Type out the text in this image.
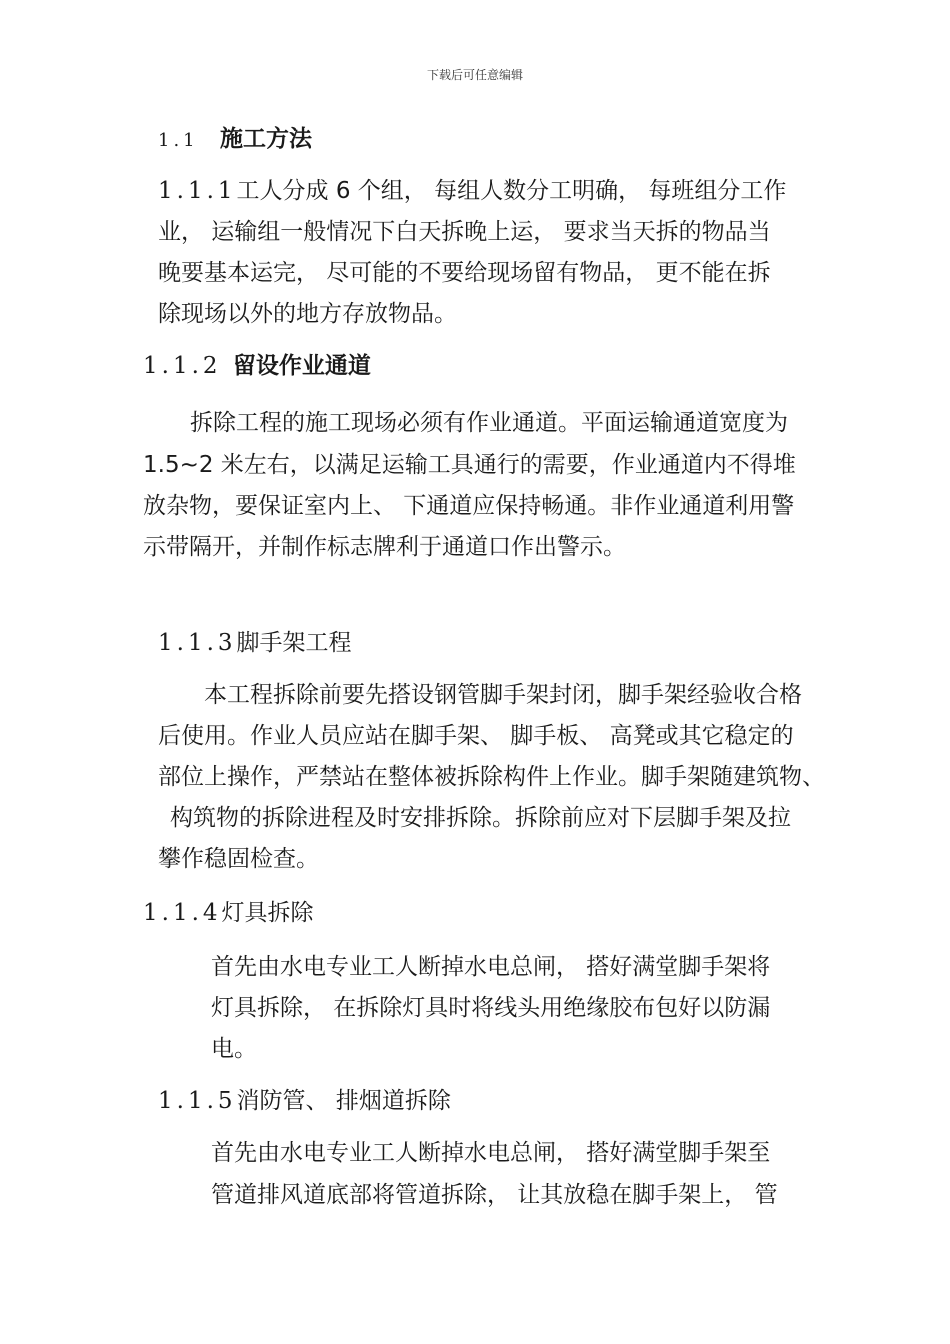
下载后可任意编辑
1.1 施工方法
1.1.1工人分成 6 个组， 每组人数分工明确， 每班组分工作
业， 运输组一般情况下白天拆晚上运， 要求当天拆的物品当
晚要基本运完， 尽可能的不要给现场留有物品， 更不能在拆
除现场以外的地方存放物品。
1.1.2 留设作业通道
拆除工程的施工现场必须有作业通道。平面运输通道宽度为
1.5~2 米左右，以满足运输工具通行的需要，作业通道内不得堆
放杂物，要保证室内上、 下通道应保持畅通。非作业通道利用警
示带隔开，并制作标志牌利于通道口作出警示。
1.1.3脚手架工程
本工程拆除前要先搭设钢管脚手架封闭，脚手架经验收合格
后使用。作业人员应站在脚手架、 脚手板、 高凳或其它稳定的
部位上操作，严禁站在整体被拆除构件上作业。脚手架随建筑物、
构筑物的拆除进程及时安排拆除。拆除前应对下层脚手架及拉
攀作稳固检查。
1.1.4灯具拆除
首先由水电专业工人断掉水电总闸， 搭好满堂脚手架将
灯具拆除， 在拆除灯具时将线头用绝缘胶布包好以防漏
电。
1.1.5消防管、 排烟道拆除
首先由水电专业工人断掉水电总闸， 搭好满堂脚手架至
管道排风道底部将管道拆除， 让其放稳在脚手架上， 管
